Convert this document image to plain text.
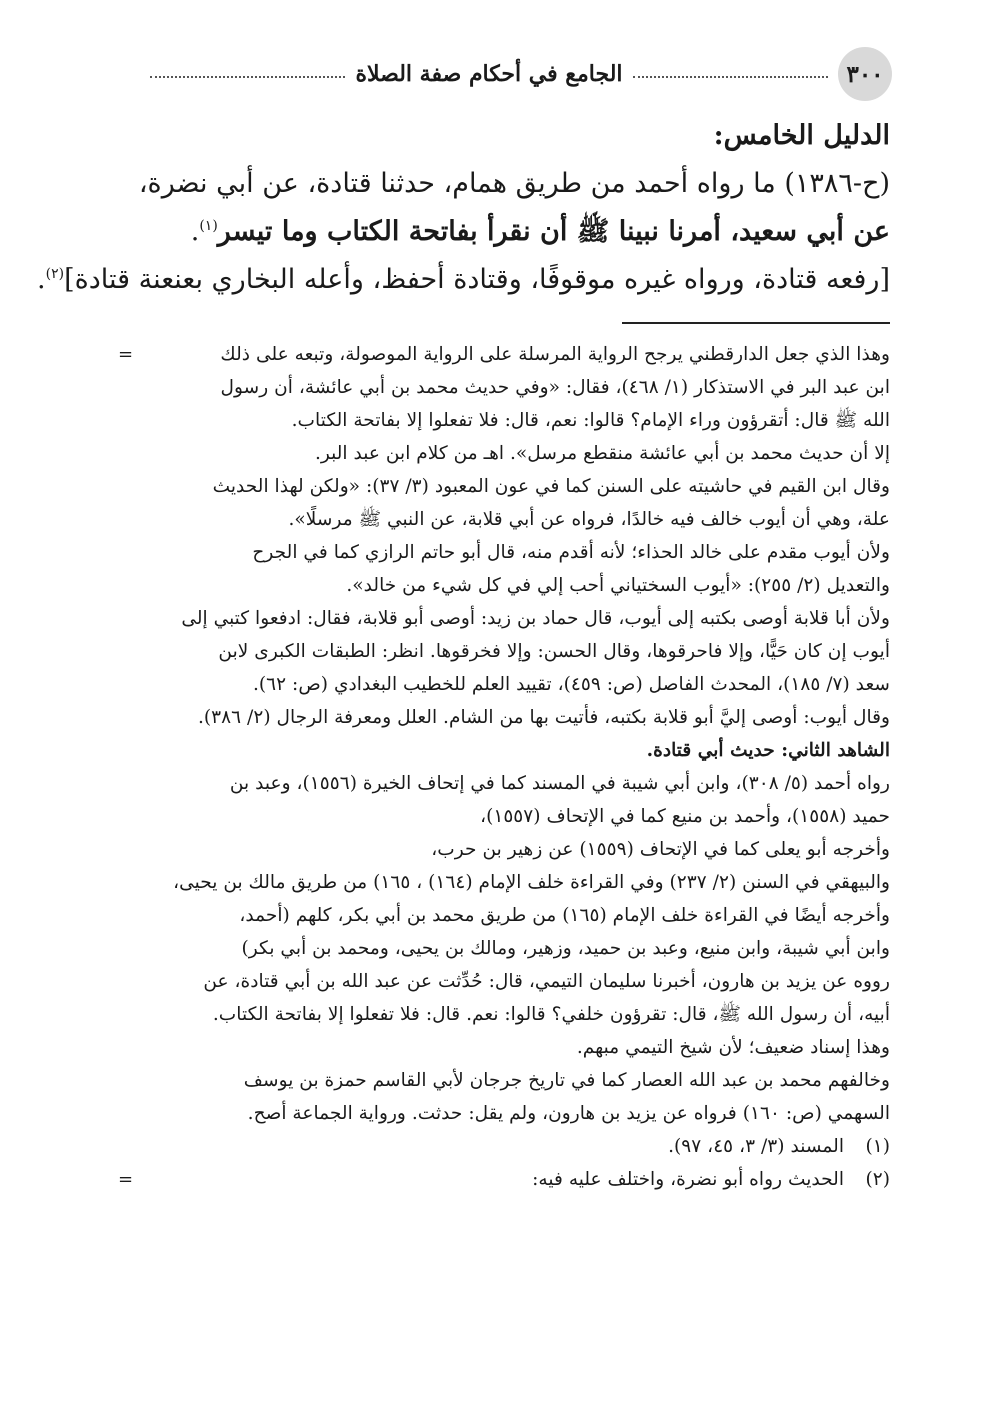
٣٠٠
الجامع في أحكام صفة الصلاة
الدليل الخامس:
(ح-١٣٨٦) ما رواه أحمد من طريق همام، حدثنا قتادة، عن أبي نضرة،
عن أبي سعيد، أمرنا نبينا ﷺ أن نقرأ بفاتحة الكتاب وما تيسر$^{(١)}$.
[رفعه قتادة، ورواه غيره موقوفًا، وقتادة أحفظ، وأعله البخاري بعنعنة قتادة]$^{(٢)}$.
=	وهذا الذي جعل الدارقطني يرجح الرواية المرسلة على الرواية الموصولة، وتبعه على ذلك
ابن عبد البر في الاستذكار (١/ ٤٦٨)، فقال: «وفي حديث محمد بن أبي عائشة، أن رسول
الله ﷺ قال: أتقرؤون وراء الإمام؟ قالوا: نعم، قال: فلا تفعلوا إلا بفاتحة الكتاب.
إلا أن حديث محمد بن أبي عائشة منقطع مرسل». اهـ من كلام ابن عبد البر.
وقال ابن القيم في حاشيته على السنن كما في عون المعبود (٣/ ٣٧): «ولكن لهذا الحديث
علة، وهي أن أيوب خالف فيه خالدًا، فرواه عن أبي قلابة، عن النبي ﷺ مرسلًا».
ولأن أيوب مقدم على خالد الحذاء؛ لأنه أقدم منه، قال أبو حاتم الرازي كما في الجرح
والتعديل (٢/ ٢٥٥): «أيوب السختياني أحب إلي في كل شيء من خالد».
ولأن أبا قلابة أوصى بكتبه إلى أيوب، قال حماد بن زيد: أوصى أبو قلابة، فقال: ادفعوا كتبي إلى
أيوب إن كان حَيًّا، وإلا فاحرقوها، وقال الحسن: وإلا فخرقوها. انظر: الطبقات الكبرى لابن
سعد (٧/ ١٨٥)، المحدث الفاصل (ص: ٤٥٩)، تقييد العلم للخطيب البغدادي (ص: ٦٢).
وقال أيوب: أوصى إليَّ أبو قلابة بكتبه، فأتيت بها من الشام. العلل ومعرفة الرجال (٢/ ٣٨٦).
الشاهد الثاني: حديث أبي قتادة.
رواه أحمد (٥/ ٣٠٨)، وابن أبي شيبة في المسند كما في إتحاف الخيرة (١٥٥٦)، وعبد بن
حميد (١٥٥٨)، وأحمد بن منيع كما في الإتحاف (١٥٥٧)،
وأخرجه أبو يعلى كما في الإتحاف (١٥٥٩) عن زهير بن حرب،
والبيهقي في السنن (٢/ ٢٣٧) وفي القراءة خلف الإمام (١٦٤) ، ١٦٥) من طريق مالك بن يحيى،
وأخرجه أيضًا في القراءة خلف الإمام (١٦٥) من طريق محمد بن أبي بكر، كلهم (أحمد،
وابن أبي شيبة، وابن منيع، وعبد بن حميد، وزهير، ومالك بن يحيى، ومحمد بن أبي بكر)
رووه عن يزيد بن هارون، أخبرنا سليمان التيمي، قال: حُدِّثت عن عبد الله بن أبي قتادة، عن
أبيه، أن رسول الله ﷺ، قال: تقرؤون خلفي؟ قالوا: نعم. قال: فلا تفعلوا إلا بفاتحة الكتاب.
وهذا إسناد ضعيف؛ لأن شيخ التيمي مبهم.
وخالفهم محمد بن عبد الله العصار كما في تاريخ جرجان لأبي القاسم حمزة بن يوسف
السهمي (ص: ١٦٠) فرواه عن يزيد بن هارون، ولم يقل: حدثت. ورواية الجماعة أصح.
(١)
المسند (٣/ ٣، ٤٥، ٩٧).
(٢)
الحديث رواه أبو نضرة، واختلف عليه فيه:
=
